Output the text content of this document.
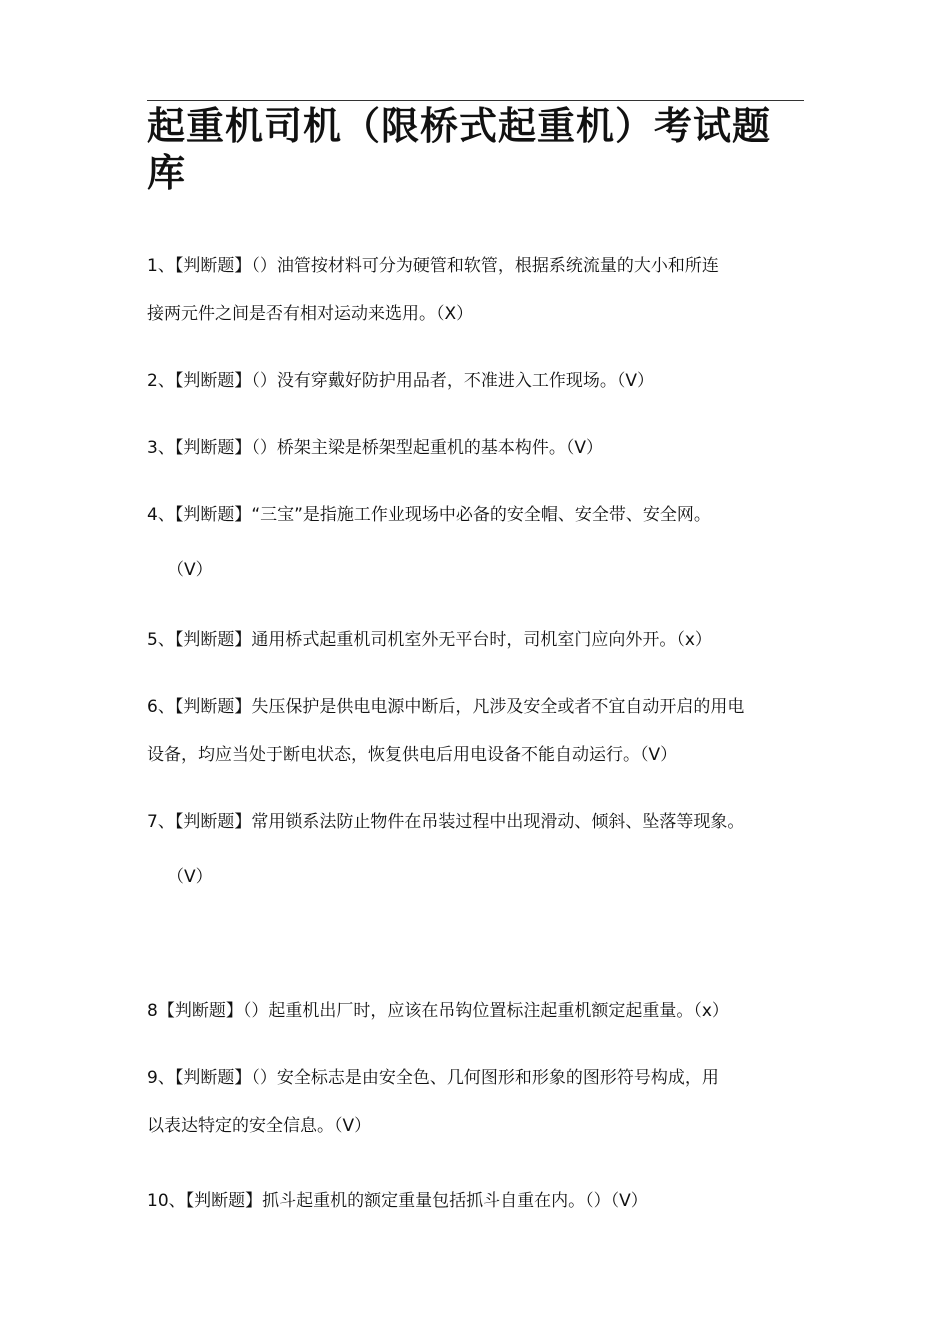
起重机司机（限桥式起重机）考试题库
1、【判断题】（）油管按材料可分为硬管和软管，根据系统流量的大小和所连
接两元件之间是否有相对运动来选用。（X）
2、【判断题】（）没有穿戴好防护用品者，不准进入工作现场。（V）
3、【判断题】（）桥架主梁是桥架型起重机的基本构件。（V）
4、【判断题】“三宝”是指施工作业现场中必备的安全帽、安全带、安全网。
（V）
5、【判断题】通用桥式起重机司机室外无平台时，司机室门应向外开。（x）
6、【判断题】失压保护是供电电源中断后，凡涉及安全或者不宜自动开启的用电
设备，均应当处于断电状态，恢复供电后用电设备不能自动运行。（V）
7、【判断题】常用锁系法防止物件在吊装过程中出现滑动、倾斜、坠落等现象。
（V）
8【判断题】（）起重机出厂时，应该在吊钩位置标注起重机额定起重量。（x）
9、【判断题】（）安全标志是由安全色、几何图形和形象的图形符号构成，用
以表达特定的安全信息。（V）
10、【判断题】抓斗起重机的额定重量包括抓斗自重在内。（）（V）
